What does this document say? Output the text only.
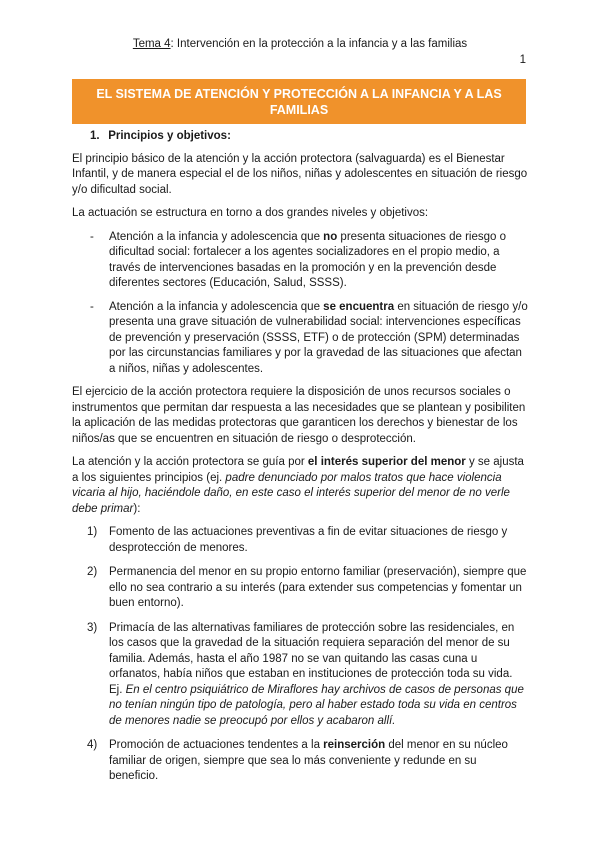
Tema 4: Intervención en la protección a la infancia y a las familias
1
EL SISTEMA DE ATENCIÓN Y PROTECCIÓN A LA INFANCIA Y A LAS FAMILIAS
1. Principios y objetivos:

El principio básico de la atención y la acción protectora (salvaguarda) es el Bienestar Infantil, y de manera especial el de los niños, niñas y adolescentes en situación de riesgo y/o dificultad social.

La actuación se estructura en torno a dos grandes niveles y objetivos:

- Atención a la infancia y adolescencia que no presenta situaciones de riesgo o dificultad social: fortalecer a los agentes socializadores en el propio medio, a través de intervenciones basadas en la promoción y en la prevención desde diferentes sectores (Educación, Salud, SSSS).
- Atención a la infancia y adolescencia que se encuentra en situación de riesgo y/o presenta una grave situación de vulnerabilidad social: intervenciones específicas de prevención y preservación (SSSS, ETF) o de protección (SPM) determinadas por las circunstancias familiares y por la gravedad de las situaciones que afectan a niños, niñas y adolescentes.

El ejercicio de la acción protectora requiere la disposición de unos recursos sociales o instrumentos que permitan dar respuesta a las necesidades que se plantean y posibiliten la aplicación de las medidas protectoras que garanticen los derechos y bienestar de los niños/as que se encuentren en situación de riesgo o desprotección.

La atención y la acción protectora se guía por el interés superior del menor y se ajusta a los siguientes principios (ej. padre denunciado por malos tratos que hace violencia vicaria al hijo, haciéndole daño, en este caso el interés superior del menor de no verle debe primar):

1) Fomento de las actuaciones preventivas a fin de evitar situaciones de riesgo y desprotección de menores.
2) Permanencia del menor en su propio entorno familiar (preservación), siempre que ello no sea contrario a su interés (para extender sus competencias y fomentar un buen entorno).
3) Primacía de las alternativas familiares de protección sobre las residenciales, en los casos que la gravedad de la situación requiera separación del menor de su familia. Además, hasta el año 1987 no se van quitando las casas cuna u orfanatos, había niños que estaban en instituciones de protección toda su vida. Ej. En el centro psiquiátrico de Miraflores hay archivos de casos de personas que no tenían ningún tipo de patología, pero al haber estado toda su vida en centros de menores nadie se preocupó por ellos y acabaron allí.
4) Promoción de actuaciones tendentes a la reinserción del menor en su núcleo familiar de origen, siempre que sea lo más conveniente y redunde en su beneficio.
